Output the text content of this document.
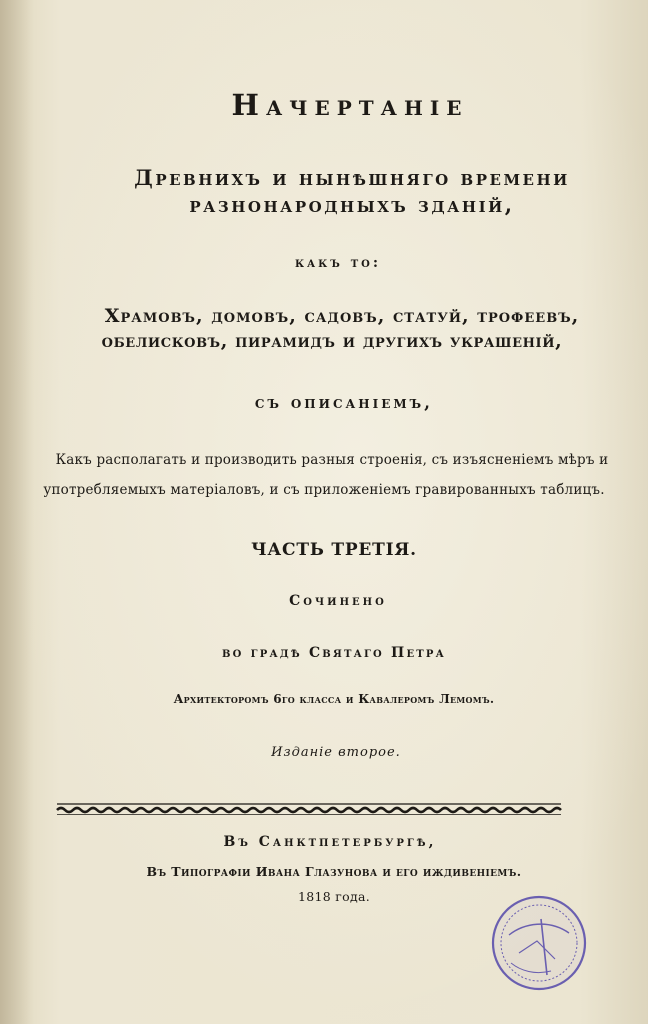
Начертаніе
Древнихъ и нынѣшняго времени
разнонародныхъ зданій,
какъ то:
Храмовъ, домовъ, садовъ, статуй, трофеевъ,
обелисковъ, пирамидъ и другихъ украшеній,
съ описаніемъ,
Какъ располагать и производить разныя строенія, съ изъясненіемъ мѣръ и
употребляемыхъ матеріаловъ, и съ приложеніемъ гравированныхъ таблицъ.
ЧАСТЬ ТРЕТІЯ.
Сочинено
во градѣ Святаго Петра
Архитекторомъ 6го класса и Кавалеромъ Лемомъ.
Изданіе второе.
Въ Санктпетербургѣ,
Въ Типографіи Ивана Глазунова и его иждивеніемъ.
1818 года.
